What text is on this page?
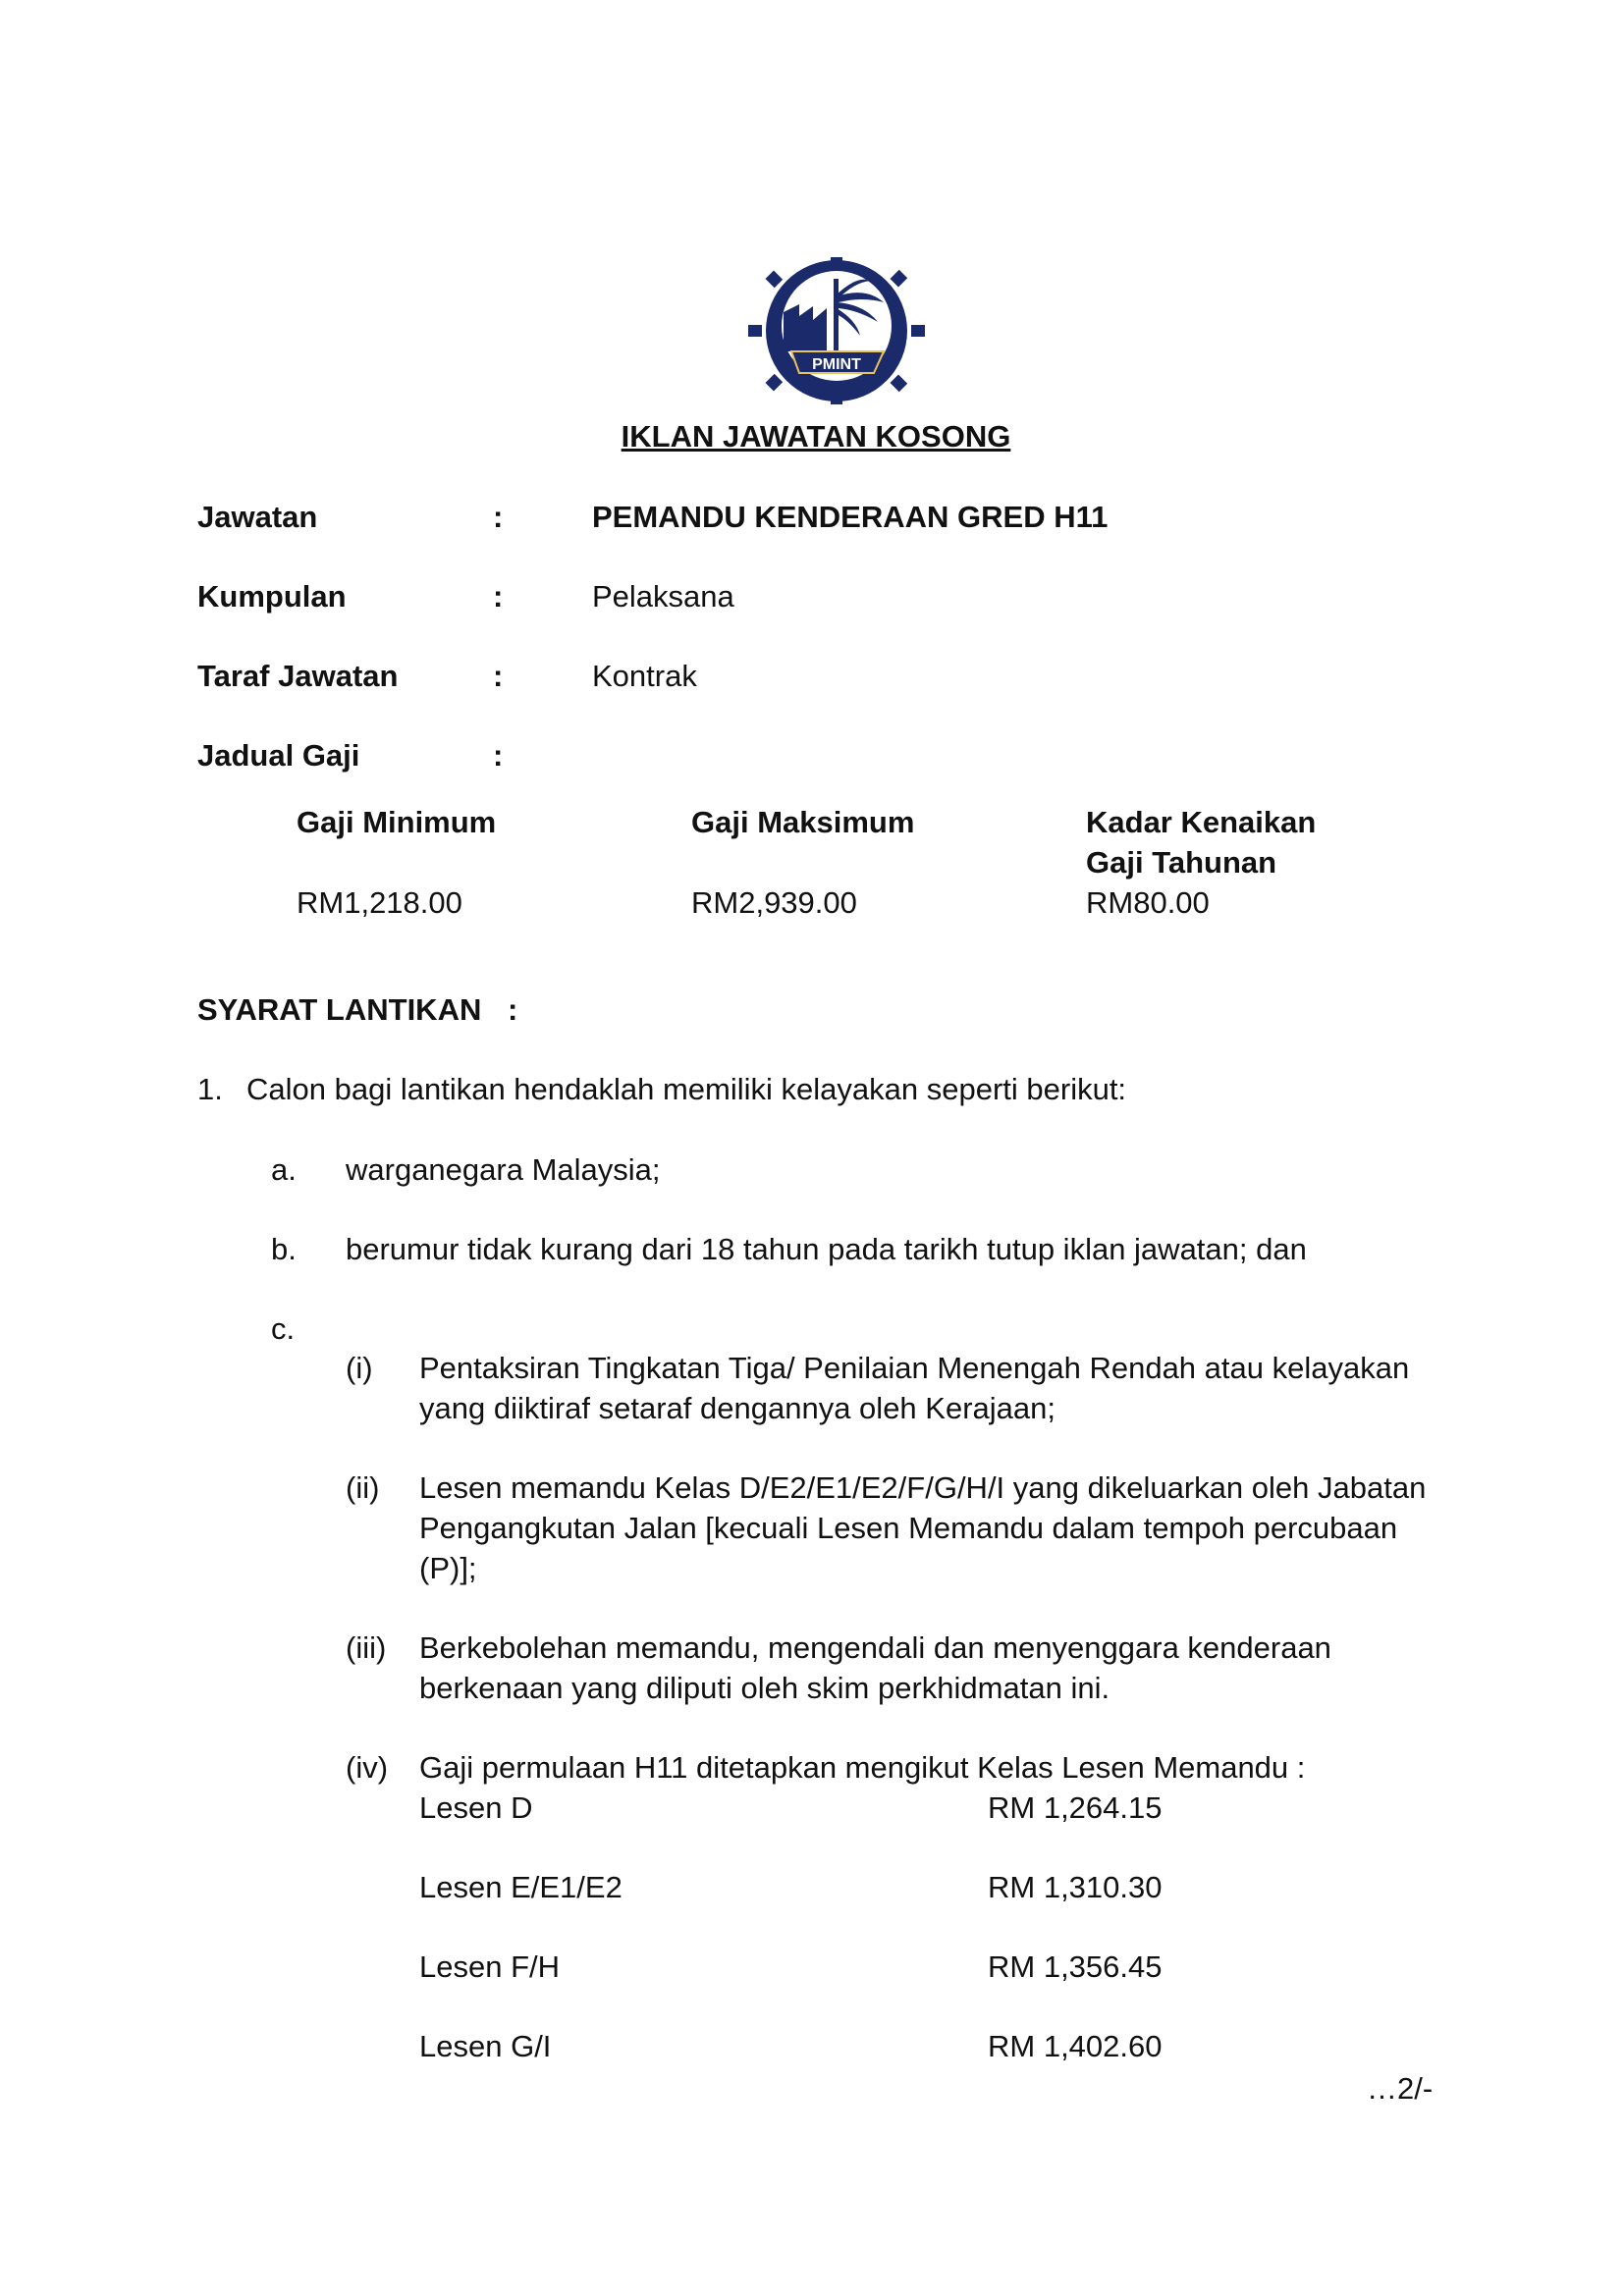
PMINT
IKLAN JAWATAN KOSONG
Jawatan	:	PEMANDU KENDERAAN GRED H11
Kumpulan	:	Pelaksana
Taraf Jawatan	:	Kontrak
Jadual Gaji	:
Gaji Minimum	Gaji Maksimum	Kadar Kenaikan
Gaji Tahunan
RM1,218.00	RM2,939.00	RM80.00
SYARAT LANTIKAN :
1. Calon bagi lantikan hendaklah memiliki kelayakan seperti berikut:
a. warganegara Malaysia;
b. berumur tidak kurang dari 18 tahun pada tarikh tutup iklan jawatan; dan
c.
(i) Pentaksiran Tingkatan Tiga/ Penilaian Menengah Rendah atau kelayakan
yang diiktiraf setaraf dengannya oleh Kerajaan;
(ii) Lesen memandu Kelas D/E2/E1/E2/F/G/H/I yang dikeluarkan oleh Jabatan
Pengangkutan Jalan [kecuali Lesen Memandu dalam tempoh percubaan
(P)];
(iii) Berkebolehan memandu, mengendali dan menyenggara kenderaan
berkenaan yang diliputi oleh skim perkhidmatan ini.
(iv) Gaji permulaan H11 ditetapkan mengikut Kelas Lesen Memandu :
Lesen D	RM 1,264.15
Lesen E/E1/E2	RM 1,310.30
Lesen F/H	RM 1,356.45
Lesen G/I	RM 1,402.60
…2/-
